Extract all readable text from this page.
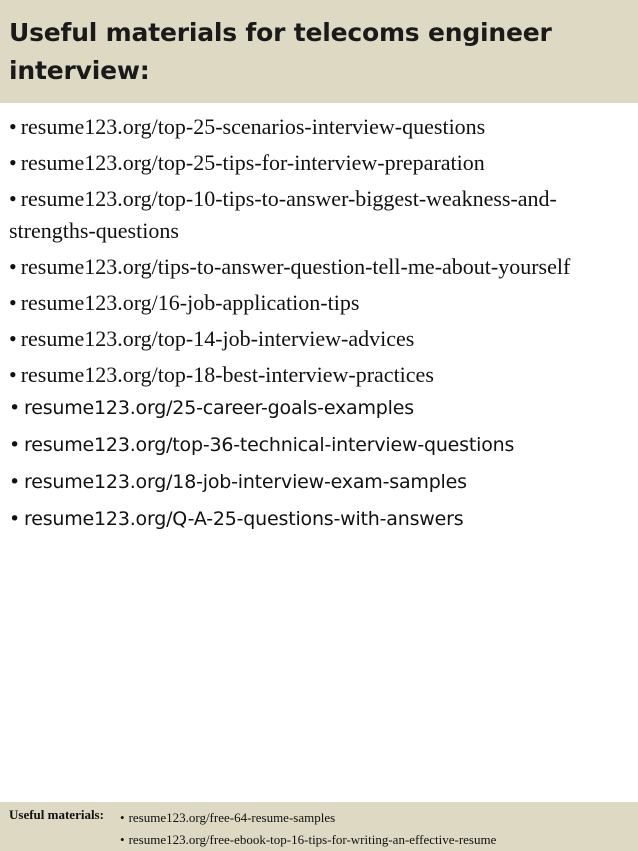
Useful materials for telecoms engineer interview:
• resume123.org/top-25-scenarios-interview-questions
• resume123.org/top-25-tips-for-interview-preparation
• resume123.org/top-10-tips-to-answer-biggest-weakness-and-strengths-questions
• resume123.org/tips-to-answer-question-tell-me-about-yourself
• resume123.org/16-job-application-tips
• resume123.org/top-14-job-interview-advices
• resume123.org/top-18-best-interview-practices
• resume123.org/25-career-goals-examples
• resume123.org/top-36-technical-interview-questions
• resume123.org/18-job-interview-exam-samples
• resume123.org/Q-A-25-questions-with-answers
Useful materials: • resume123.org/free-64-resume-samples
• resume123.org/free-ebook-top-16-tips-for-writing-an-effective-resume
